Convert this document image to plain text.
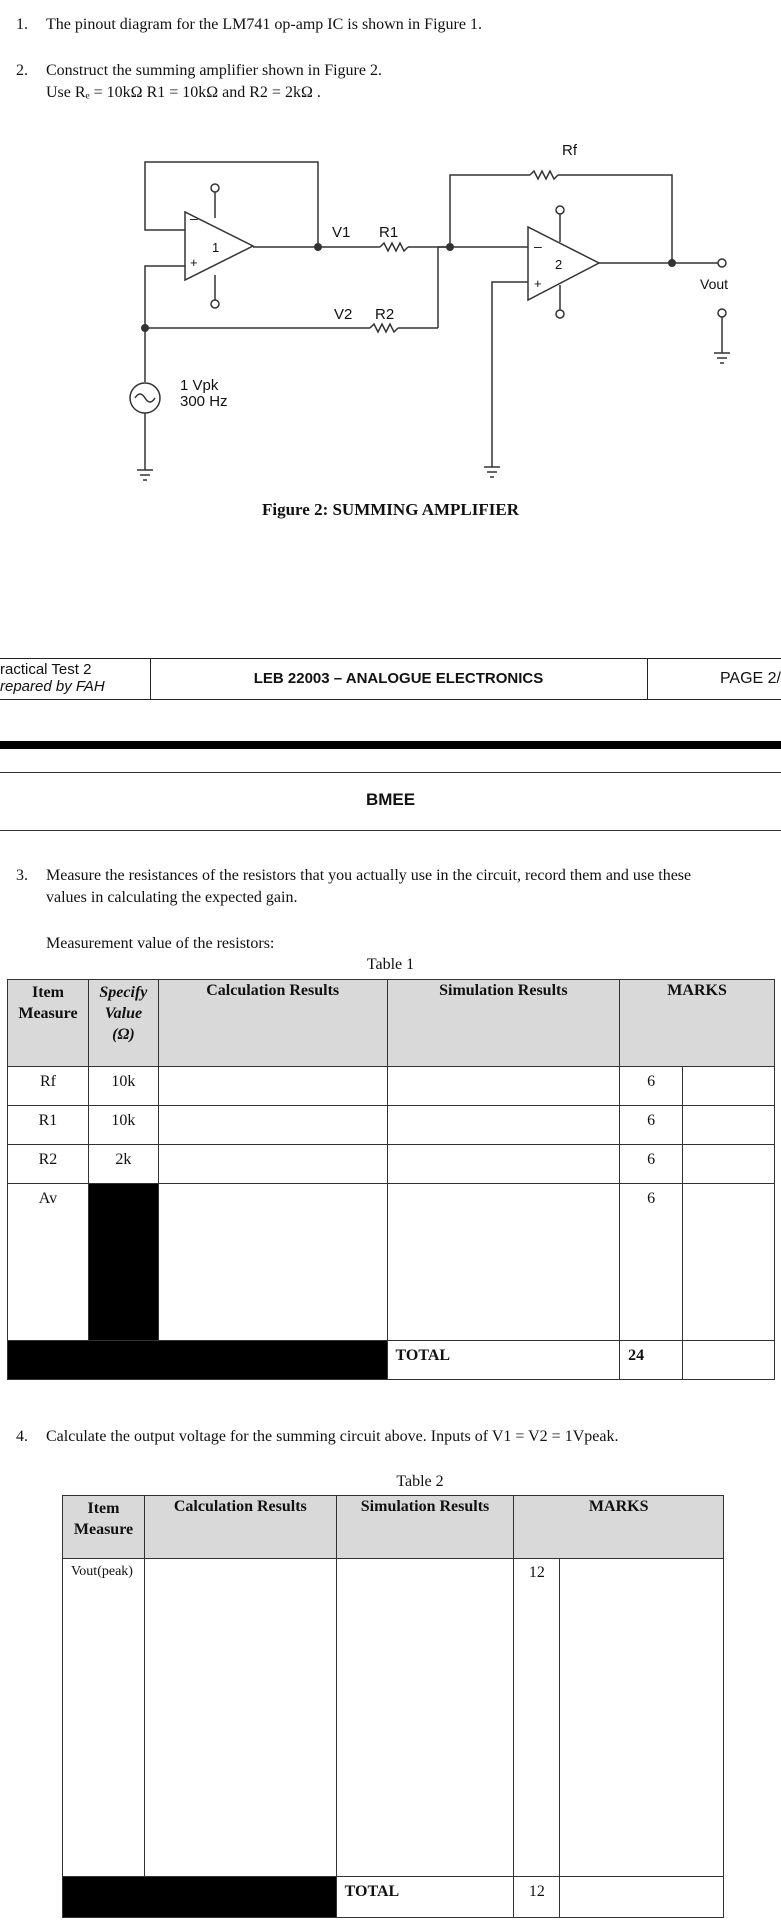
1. The pinout diagram for the LM741 op-amp IC is shown in Figure 1.
2. Construct the summing amplifier shown in Figure 2.
Use Rₑ = 10kΩ R1 = 10kΩ and R2 = 2kΩ .
–
+
1	–
+
2
V1 R1
V2 R2
Rf
Vout
1 Vpk
300 Hz
Figure 2: SUMMING AMPLIFIER
ractical Test 2
repared by FAH	LEB 22003 – ANALOGUE ELECTRONICS	PAGE 2/
BMEE
3. Measure the resistances of the resistors that you actually use in the circuit, record them and use these
values in calculating the expected gain.
Measurement value of the resistors:
Table 1
Item Measure	Specify
Value
(Ω)	Calculation Results	Simulation Results	MARKS	
Rf	10k			6	
R1	10k			6	
R2	2k			6	
Av				6	
			TOTAL	24	
4. Calculate the output voltage for the summing circuit above. Inputs of V1 = V2 = 1Vpeak.
Table 2
Item Measure	Calculation Results	Simulation Results	MARKS	
Vout(peak)			12	
		TOTAL	12	
